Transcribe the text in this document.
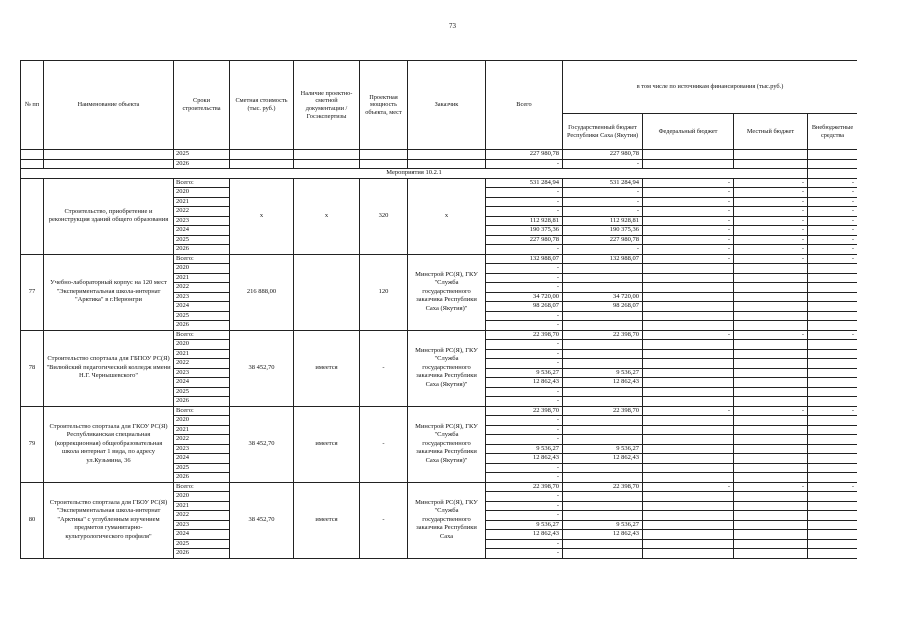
73
№ пп	Наименование объекта	Сроки строительства	Сметная стоимость (тыс. руб.)	Наличие проектно-сметной документации /Госэкспертизы	Проектная мощность объекта, мест	Заказчик	Всего	в том числе по источникам финансирования (тыс.руб.)			
								Государственный бюджет Республики Саха (Якутия)	Федеральный бюджет	Местный бюджет	Внебюджетные средства
		2025					227 980,78	227 980,78			
		2026					-	-			
Мероприятия 10.2.1											
	Строительство, приобретение и реконструкция зданий общего образования	Всего:	x	x	320	x	531 284,94	531 284,94	-	-	-
		2020					-	-	-	-	-
		2021					-	-	-	-	-
		2022					-	-	-	-	-
		2023					112 928,81	112 928,81	-	-	-
		2024					190 375,36	190 375,36	-	-	-
		2025					227 980,78	227 980,78	-	-	-
		2026					-	-	-	-	-
77	Учебно-лабораторный корпус на 120 мест "Экспериментальная школа-интернат "Арктика" в г.Нерюнгри	Всего:	216 888,00		120	Минстрой РС(Я), ГКУ "Служба государственного заказчика Республики Саха (Якутия)"	132 988,07	132 988,07	-	-	-
		2020					-				
		2021					-				
		2022					-				
		2023					34 720,00	34 720,00			
		2024					98 268,07	98 268,07			
		2025					-				
		2026					-				
78	Строительство спортзала для ГБПОУ РС(Я) "Вилюйский педагогический колледж имени Н.Г. Чернышевского"	Всего:	38 452,70	имеется	-	Минстрой РС(Я), ГКУ "Служба государственного заказчика Республики Саха (Якутия)"	22 398,70	22 398,70	-	-	-
		2020					-				
		2021					-				
		2022					-				
		2023					9 536,27	9 536,27			
		2024					12 862,43	12 862,43			
		2025					-				
		2026					-				
79	Строительство спортзала для ГКОУ РС(Я) Республиканская специальная (коррекционная) общеобразовательная школа интернат 1 вида, по адресу ул.Кузьмина, 36	Всего:	38 452,70	имеется	-	Минстрой РС(Я), ГКУ "Служба государственного заказчика Республики Саха (Якутия)"	22 398,70	22 398,70	-	-	-
		2020					-				
		2021					-				
		2022					-				
		2023					9 536,27	9 536,27			
		2024					12 862,43	12 862,43			
		2025					-				
		2026					-				
80	Строительство спортзала для ГБОУ РС(Я) "Экспериментальная школа-интернат "Арктика" с углубленным изучением предметов гуманитарно-культурологического профиля"	Всего:	38 452,70	имеется	-	Минстрой РС(Я), ГКУ "Служба государственного заказчика Республики Саха	22 398,70	22 398,70	-	-	-
		2020					-				
		2021					-				
		2022					-				
		2023					9 536,27	9 536,27			
		2024					12 862,43	12 862,43			
		2025					-				
		2026					-				
